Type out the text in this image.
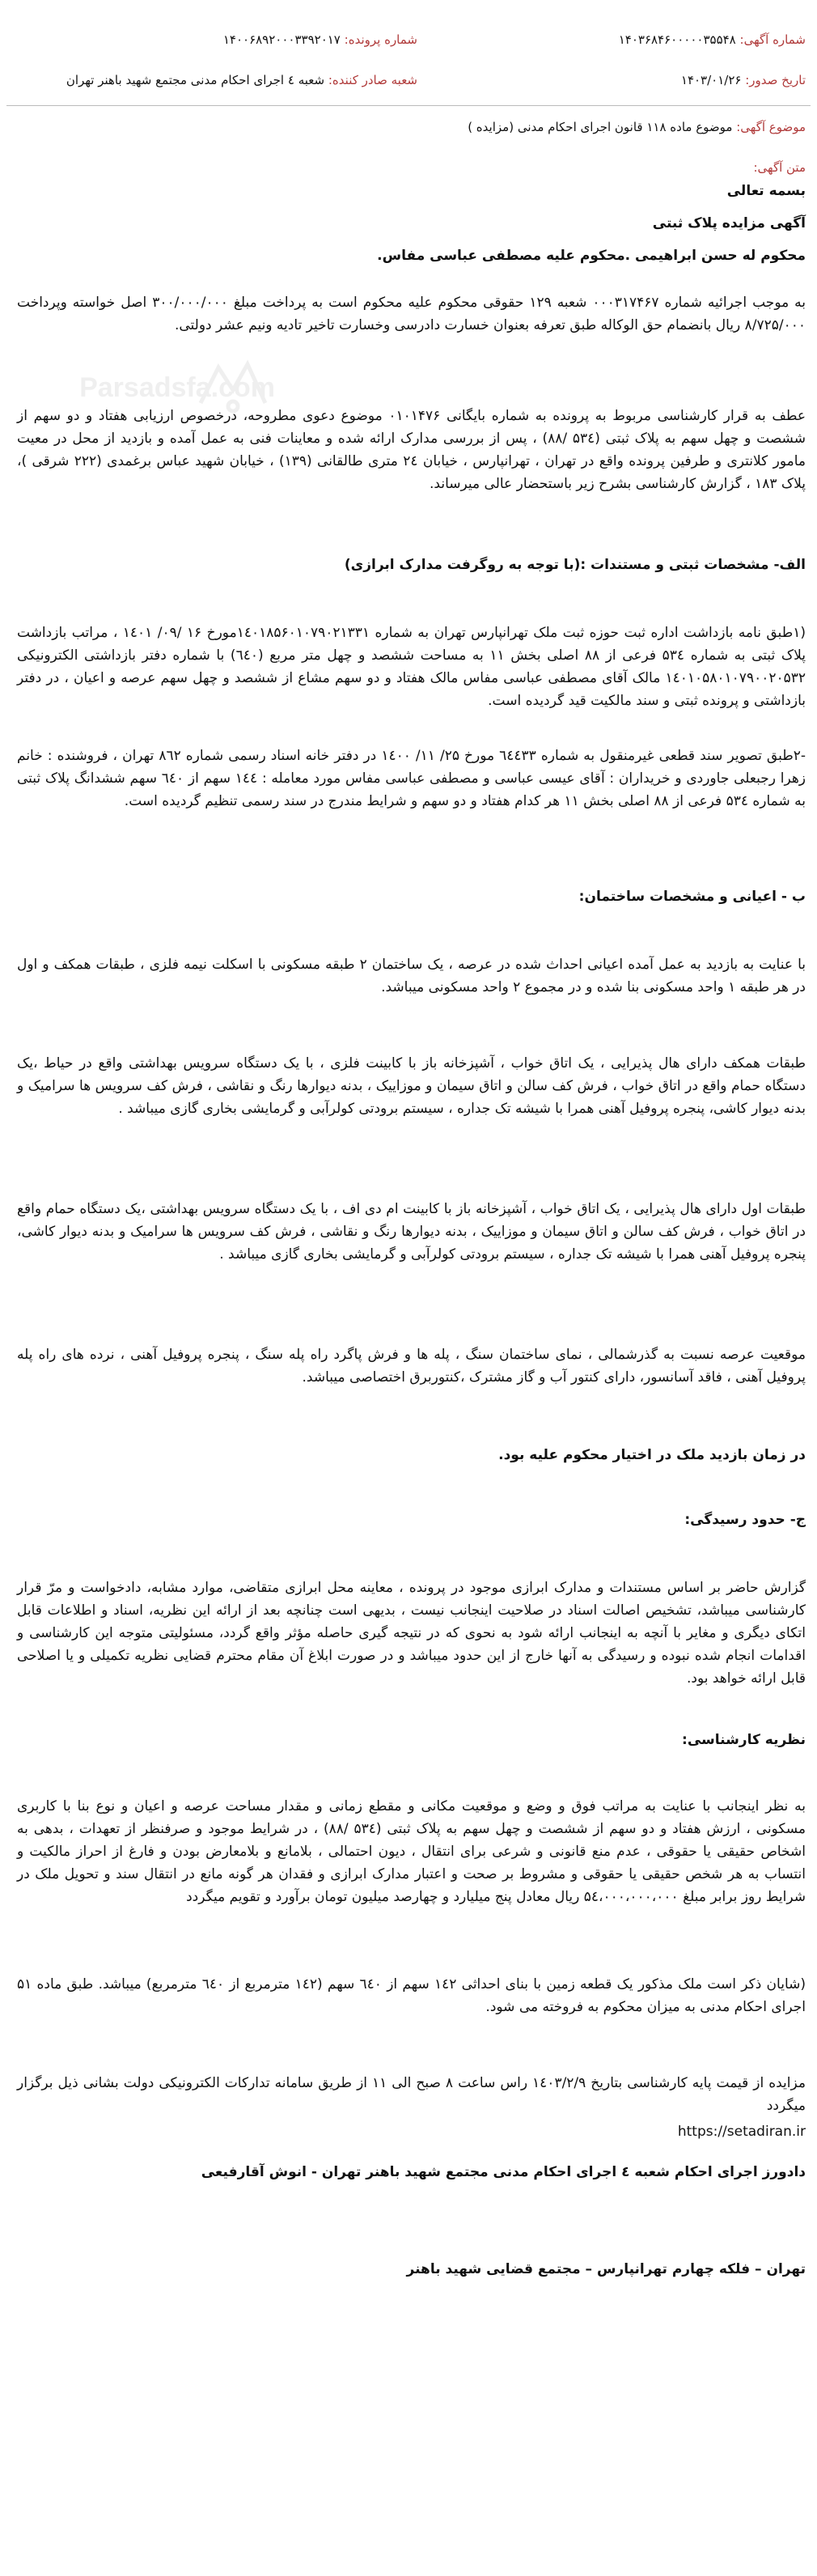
شماره آگهی: ۱۴۰۳۶۸۴۶۰۰۰۰۰۳۵۵۴۸
شماره پرونده: ۱۴۰۰۶۸۹۲۰۰۰۳۳۹۲۰۱۷
تاریخ صدور: ۱۴۰۳/۰۱/۲۶
شعبه صادر کننده: شعبه ٤ اجرای احکام مدنی مجتمع شهید باهنر تهران
موضوع آگهی: موضوع ماده ۱۱۸ قانون اجرای احکام مدنی (مزایده )
متن آگهی:
Parsadsfa.com
بسمه تعالی
آگهی مزایده پلاک ثبتی
محکوم له حسن ابراهیمی .محکوم علیه مصطفی عباسی مفاس.
به موجب اجرائیه شماره ۰۰۰۳۱۷۴۶۷ شعبه ۱۲۹ حقوقی محکوم علیه محکوم است به پرداخت مبلغ ۳۰۰/۰۰۰/۰۰۰ اصل خواسته وپرداخت ۸/۷۲۵/۰۰۰ ریال بانضمام حق الوکاله طبق تعرفه بعنوان خسارت دادرسی وخسارت تاخیر تادیه ونیم عشر دولتی.
عطف به قرار کارشناسی مربوط به پرونده به شماره بایگانی ۰۱۰۱۴۷۶ موضوع دعوی مطروحه، درخصوص ارزیابی هفتاد و دو سهم از ششصت و چهل سهم به پلاک ثبتی (۵۳٤ /۸۸) ، پس از بررسی مدارک ارائه شده و معاینات فنی به عمل آمده و بازدید از محل در معیت مامور کلانتری و طرفین پرونده واقع در تهران ، تهرانپارس ، خیابان ٢٤ متری طالقانی (۱۳۹) ، خیابان شهید عباس برغمدی (۲۲۲ شرقی )، پلاک ۱۸۳ ، گزارش کارشناسی بشرح زیر باستحضار عالی میرساند.
الف- مشخصات ثبتی و مستندات :(با توجه به روگرفت مدارک ابرازی)
(۱طبق نامه بازداشت اداره ثبت حوزه ثبت ملک تهرانپارس تهران به شماره ۱٤۰۱۸۵۶۰۱۰۷۹۰۲۱۳۳۱مورخ ۱۶ /۰۹/ ۱٤۰۱ ، مراتب بازداشت پلاک ثبتی به شماره ۵۳٤ فرعی از ۸۸ اصلی بخش ۱۱ به مساحت ششصد و چهل متر مربع (٦٤۰) با شماره دفتر بازداشتی الکترونیکی ۱٤۰۱۰۵۸۰۱۰۷۹۰۰۲۰۵۳۲ مالک آقای مصطفی عباسی مفاس مالک هفتاد و دو سهم مشاع از ششصد و چهل سهم عرصه و اعیان ، در دفتر بازداشتی و پرونده ثبتی و سند مالکیت قید گردیده است.
-۲طبق تصویر سند قطعی غیرمنقول به شماره ٦٤٤۳۳ مورخ ۲۵/ ۱۱/ ۱٤۰۰ در دفتر خانه اسناد رسمی شماره ۸٦۲ تهران ، فروشنده : خانم زهرا رجبعلی جاوردی و خریداران : آقای عیسی عباسی و مصطفی عباسی مفاس مورد معامله : ۱٤٤ سهم از ٦٤۰ سهم ششدانگ پلاک ثبتی به شماره ۵۳٤ فرعی از ۸۸ اصلی بخش ۱۱ هر کدام هفتاد و دو سهم و شرایط مندرج در سند رسمی تنظیم گردیده است.
ب - اعیانی و مشخصات ساختمان:
با عنایت به بازدید به عمل آمده اعیانی احداث شده در عرصه ، یک ساختمان ۲ طبقه مسکونی با اسکلت نیمه فلزی ، طبقات همکف و اول در هر طبقه ۱ واحد مسکونی بنا شده و در مجموع ۲ واحد مسکونی میباشد.
طبقات همکف دارای هال پذیرایی ، یک اتاق خواب ، آشپزخانه باز با کابینت فلزی ، با یک دستگاه سرویس بهداشتی واقع در حیاط ،یک دستگاه حمام واقع در اتاق خواب ، فرش کف سالن و اتاق سیمان و موزاییک ، بدنه دیوارها رنگ و نقاشی ، فرش کف سرویس ها سرامیک و بدنه دیوار کاشی، پنجره پروفیل آهنی همرا با شیشه تک جداره ، سیستم برودتی کولرآبی و گرمایشی بخاری گازی میباشد .
طبقات اول دارای هال پذیرایی ، یک اتاق خواب ، آشپزخانه باز با کابینت ام دی اف ، با یک دستگاه سرویس بهداشتی ،یک دستگاه حمام واقع در اتاق خواب ، فرش کف سالن و اتاق سیمان و موزاییک ، بدنه دیوارها رنگ و نقاشی ، فرش کف سرویس ها سرامیک و بدنه دیوار کاشی، پنجره پروفیل آهنی همرا با شیشه تک جداره ، سیستم برودتی کولرآبی و گرمایشی بخاری گازی میباشد .
موقعیت عرصه نسبت به گذرشمالی ، نمای ساختمان سنگ ، پله ها و فرش پاگرد راه پله سنگ ، پنجره پروفیل آهنی ، نرده های راه پله پروفیل آهنی ، فاقد آسانسور، دارای کنتور آب و گاز مشترک ،کنتوربرق اختصاصی میباشد.
در زمان بازدید ملک در اختیار محکوم علیه بود.
ج- حدود رسیدگی:
گزارش حاضر بر اساس مستندات و مدارک ابرازی موجود در پرونده ، معاینه محل ابرازی متقاضی، موارد مشابه، دادخواست و مرّ قرار کارشناسی میباشد، تشخیص اصالت اسناد در صلاحیت اینجانب نیست ، بدیهی است چنانچه بعد از ارائه این نظریه، اسناد و اطلاعات قابل اتکای دیگری و مغایر با آنچه به اینجانب ارائه شود به نحوی که در نتیجه گیری حاصله مؤثر واقع گردد، مسئولیتی متوجه این کارشناسی و اقدامات انجام شده نبوده و رسیدگی به آنها خارج از این حدود میباشد و در صورت ابلاغ آن مقام محترم قضایی نظریه تکمیلی و یا اصلاحی قابل ارائه خواهد بود.
نظریه کارشناسی:
به نظر اینجانب با عنایت به مراتب فوق و وضع و موقعیت مکانی و مقطع زمانی و مقدار مساحت عرصه و اعیان و نوع بنا با کاربری مسکونی ، ارزش هفتاد و دو سهم از ششصت و چهل سهم به پلاک ثبتی (۵۳٤ /۸۸) ، در شرایط موجود و صرفنظر از تعهدات ، بدهی به اشخاص حقیقی یا حقوقی ، عدم منع قانونی و شرعی برای انتقال ، دیون احتمالی ، بلامانع و بلامعارض بودن و فارغ از احراز مالکیت و انتساب به هر شخص حقیقی یا حقوقی و مشروط بر صحت و اعتبار مدارک ابرازی و فقدان هر گونه مانع در انتقال سند و تحویل ملک در شرایط روز برابر مبلغ ۵٤،۰۰۰،۰۰۰،۰۰۰ ریال معادل پنج میلیارد و چهارصد میلیون تومان برآورد و تقویم میگردد
(شایان ذکر است ملک مذکور یک قطعه زمین با بنای احداثی ۱٤۲ سهم از ٦٤۰ سهم (۱٤۲ مترمربع از ٦٤۰ مترمربع) میباشد. طبق ماده ۵۱ اجرای احکام مدنی به میزان محکوم به فروخته می شود.
مزایده از قیمت پایه کارشناسی بتاریخ ۱٤۰۳/۲/۹ راس ساعت ۸ صبح الی ۱۱ از طریق سامانه تدارکات الکترونیکی دولت بشانی ذیل برگزار میگردد
https://setadiran.ir
دادورز اجرای احکام شعبه ٤ اجرای احکام مدنی مجتمع شهید باهنر تهران - انوش آقارفیعی
تهران – فلکه چهارم تهرانپارس – مجتمع قضایی شهید باهنر
